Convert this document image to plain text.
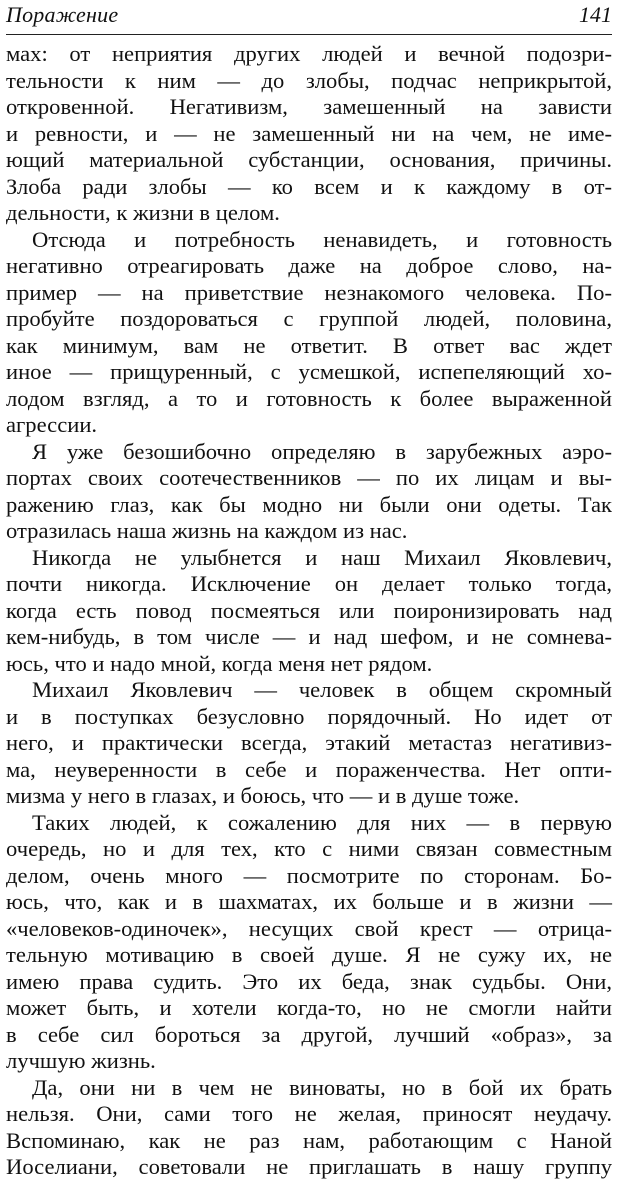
Поражение	141
мах: от неприятия других людей и вечной подозри-
тельности к ним — до злобы, подчас неприкрытой,
откровенной. Негативизм, замешенный на зависти
и ревности, и — не замешенный ни на чем, не име-
ющий материальной субстанции, основания, причины.
Злоба ради злобы — ко всем и к каждому в от-
дельности, к жизни в целом.
Отсюда и потребность ненавидеть, и готовность
негативно отреагировать даже на доброе слово, на-
пример — на приветствие незнакомого человека. По-
пробуйте поздороваться с группой людей, половина,
как минимум, вам не ответит. В ответ вас ждет
иное — прищуренный, с усмешкой, испепеляющий хо-
лодом взгляд, а то и готовность к более выраженной
агрессии.
Я уже безошибочно определяю в зарубежных аэро-
портах своих соотечественников — по их лицам и вы-
ражению глаз, как бы модно ни были они одеты. Так
отразилась наша жизнь на каждом из нас.
Никогда не улыбнется и наш Михаил Яковлевич,
почти никогда. Исключение он делает только тогда,
когда есть повод посмеяться или поиронизировать над
кем-нибудь, в том числе — и над шефом, и не сомнева-
юсь, что и надо мной, когда меня нет рядом.
Михаил Яковлевич — человек в общем скромный
и в поступках безусловно порядочный. Но идет от
него, и практически всегда, этакий метастаз негативиз-
ма, неуверенности в себе и пораженчества. Нет опти-
мизма у него в глазах, и боюсь, что — и в душе тоже.
Таких людей, к сожалению для них — в первую
очередь, но и для тех, кто с ними связан совместным
делом, очень много — посмотрите по сторонам. Бо-
юсь, что, как и в шахматах, их больше и в жизни —
«человеков-одиночек», несущих свой крест — отрица-
тельную мотивацию в своей душе. Я не сужу их, не
имею права судить. Это их беда, знак судьбы. Они,
может быть, и хотели когда-то, но не смогли найти
в себе сил бороться за другой, лучший «образ», за
лучшую жизнь.
Да, они ни в чем не виноваты, но в бой их брать
нельзя. Они, сами того не желая, приносят неудачу.
Вспоминаю, как не раз нам, работающим с Наной
Иоселиани, советовали не приглашать в нашу группу
